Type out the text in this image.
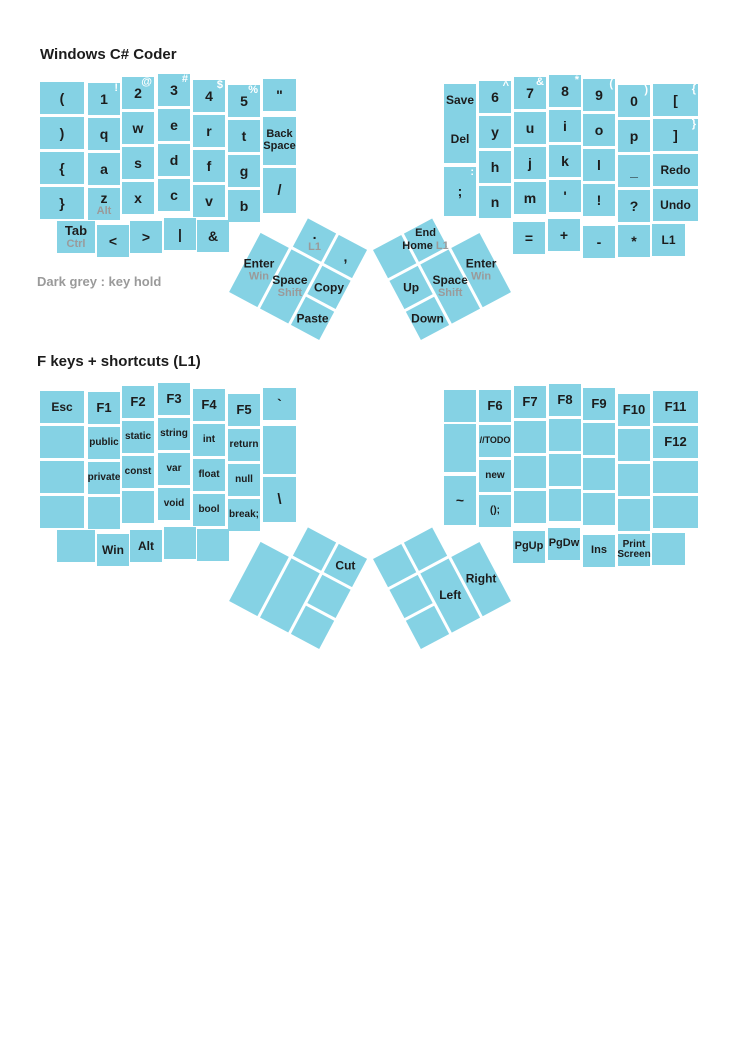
Windows C# Coder
Dark grey : key hold
F keys + shortcuts (L1)
(
)
{
}
!
1
q
a
z
Alt
@
2
w
s
x
#
3
e
d
c
$
4
r
f
v
%
5
t
g
b
"
Back
Space
/
Tab
Ctrl < > | &
Save
Del
:
;
^
6
y
h
n
&
7
u
j
m
*
8
i
k
'
(
9
o
l
!
)
0
p
_
?
{
[
}
]
Redo
Undo
= + - * L1
.
L1
,
Enter
Win Space
Shift Copy
Paste
End
Home L1
Up
Down
Space
Shift
Enter
Win
Esc F1
public
private
F2
static
const
F3
string
var
void
F4
int
float
bool
F5
return
null
break;
`
\
Win Alt
~
F6
//TODO
new
();
F7 F8 F9 F10 F11
F12
PgUp PgDw
Ins
Print
Screen
Cut
Left
Right
